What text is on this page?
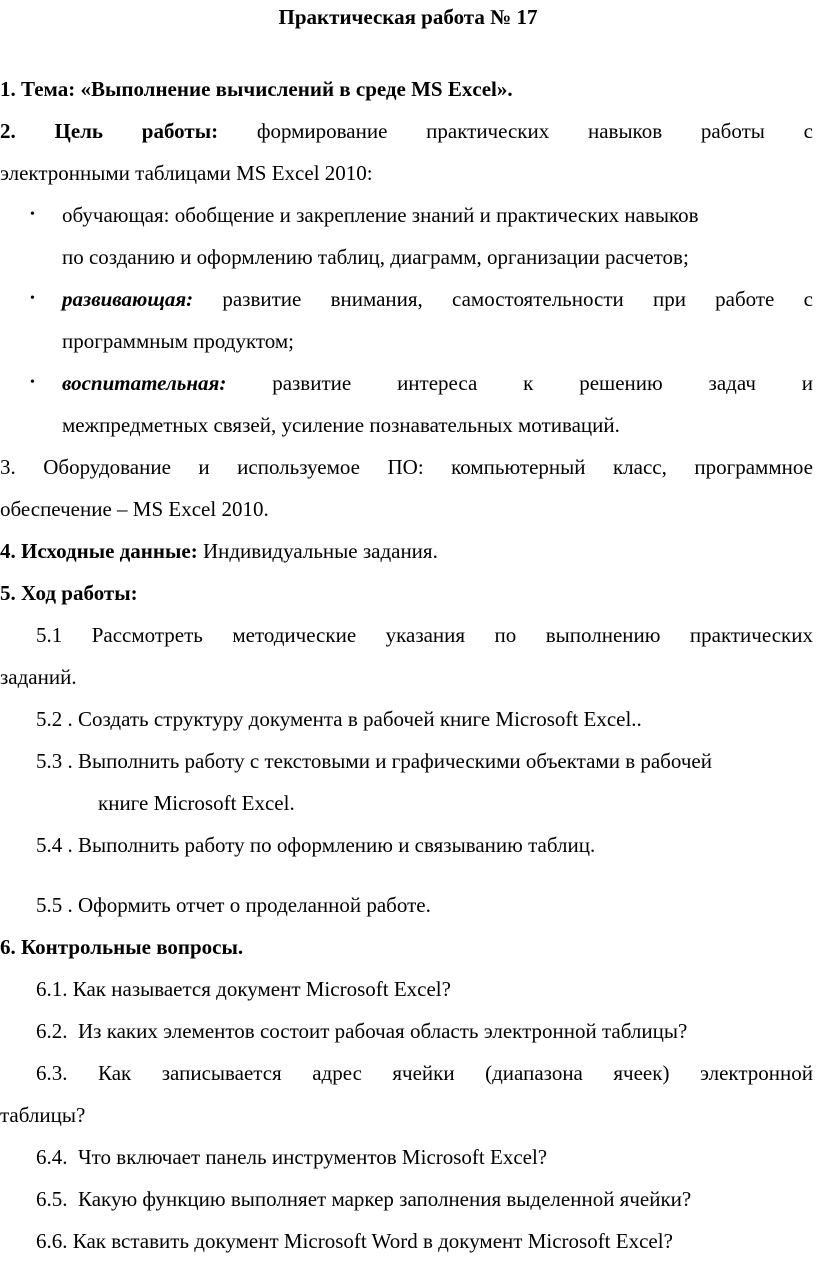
Практическая работа № 17
1. Тема: «Выполнение вычислений в среде MS Excel».
2. Цель работы: формирование практических навыков работы с
электронными таблицами MS Excel 2010:
• обучающая: обобщение и закрепление знаний и практических навыков
по созданию и оформлению таблиц, диаграмм, организации расчетов;
• развивающая: развитие внимания, самостоятельности при работе с
программным продуктом;
• воспитательная: развитие интереса к решению задач и
межпредметных связей, усиление познавательных мотиваций.
3. Оборудование и используемое ПО: компьютерный класс, программное
обеспечение – MS Excel 2010.
4. Исходные данные: Индивидуальные задания.
5. Ход работы:
5.1 Рассмотреть методические указания по выполнению практических
заданий.
5.2 . Создать структуру документа в рабочей книге Microsoft Excel..
5.3 . Выполнить работу с текстовыми и графическими объектами в рабочей
книге Microsoft Excel.
5.4 . Выполнить работу по оформлению и связыванию таблиц.
5.5 . Оформить отчет о проделанной работе.
6. Контрольные вопросы.
6.1. Как называется документ Microsoft Excel?
6.2.  Из каких элементов состоит рабочая область электронной таблицы?
6.3. Как записывается адрес ячейки (диапазона ячеек) электронной
таблицы?
6.4.  Что включает панель инструментов Microsoft Excel?
6.5.  Какую функцию выполняет маркер заполнения выделенной ячейки?
6.6. Как вставить документ Microsoft Word в документ Microsoft Excel?
